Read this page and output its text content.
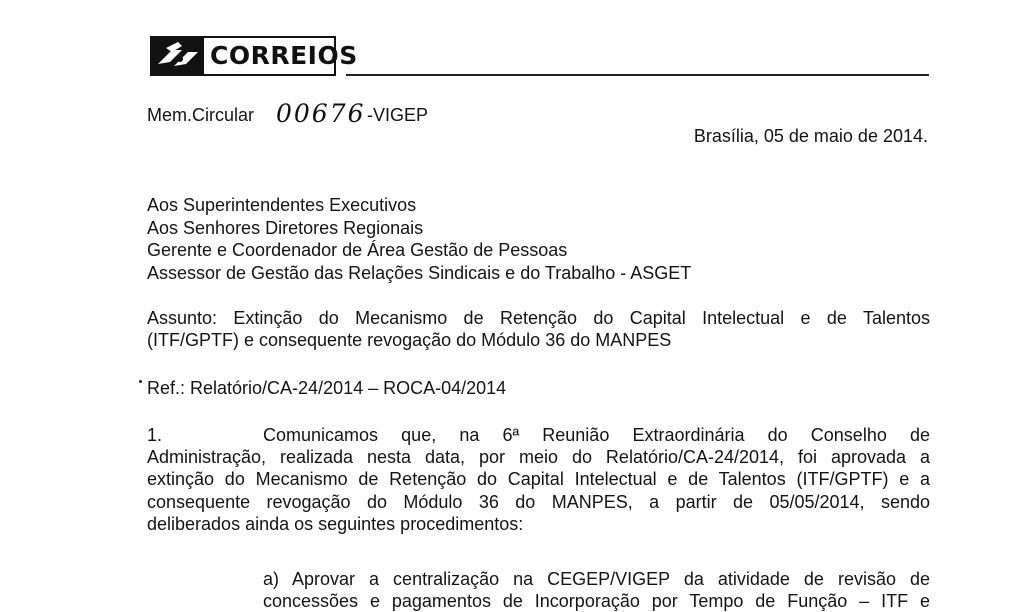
CORREIOS
Mem.Circular 00676 -VIGEP
Brasília, 05 de maio de 2014.
Aos Superintendentes Executivos
Aos Senhores Diretores Regionais
Gerente e Coordenador de Área Gestão de Pessoas
Assessor de Gestão das Relações Sindicais e do Trabalho - ASGET
Assunto: Extinção do Mecanismo de Retenção do Capital Intelectual e de Talentos
(ITF/GPTF) e consequente revogação do Módulo 36 do MANPES
Ref.: Relatório/CA-24/2014 – ROCA-04/2014
1.	Comunicamos que, na 6ª Reunião Extraordinária do Conselho de
Administração, realizada nesta data, por meio do Relatório/CA-24/2014, foi aprovada a
extinção do Mecanismo de Retenção do Capital Intelectual e de Talentos (ITF/GPTF) e a
consequente revogação do Módulo 36 do MANPES, a partir de 05/05/2014, sendo
deliberados ainda os seguintes procedimentos:
a) Aprovar a centralização na CEGEP/VIGEP da atividade de revisão de
concessões e pagamentos de Incorporação por Tempo de Função – ITF e
